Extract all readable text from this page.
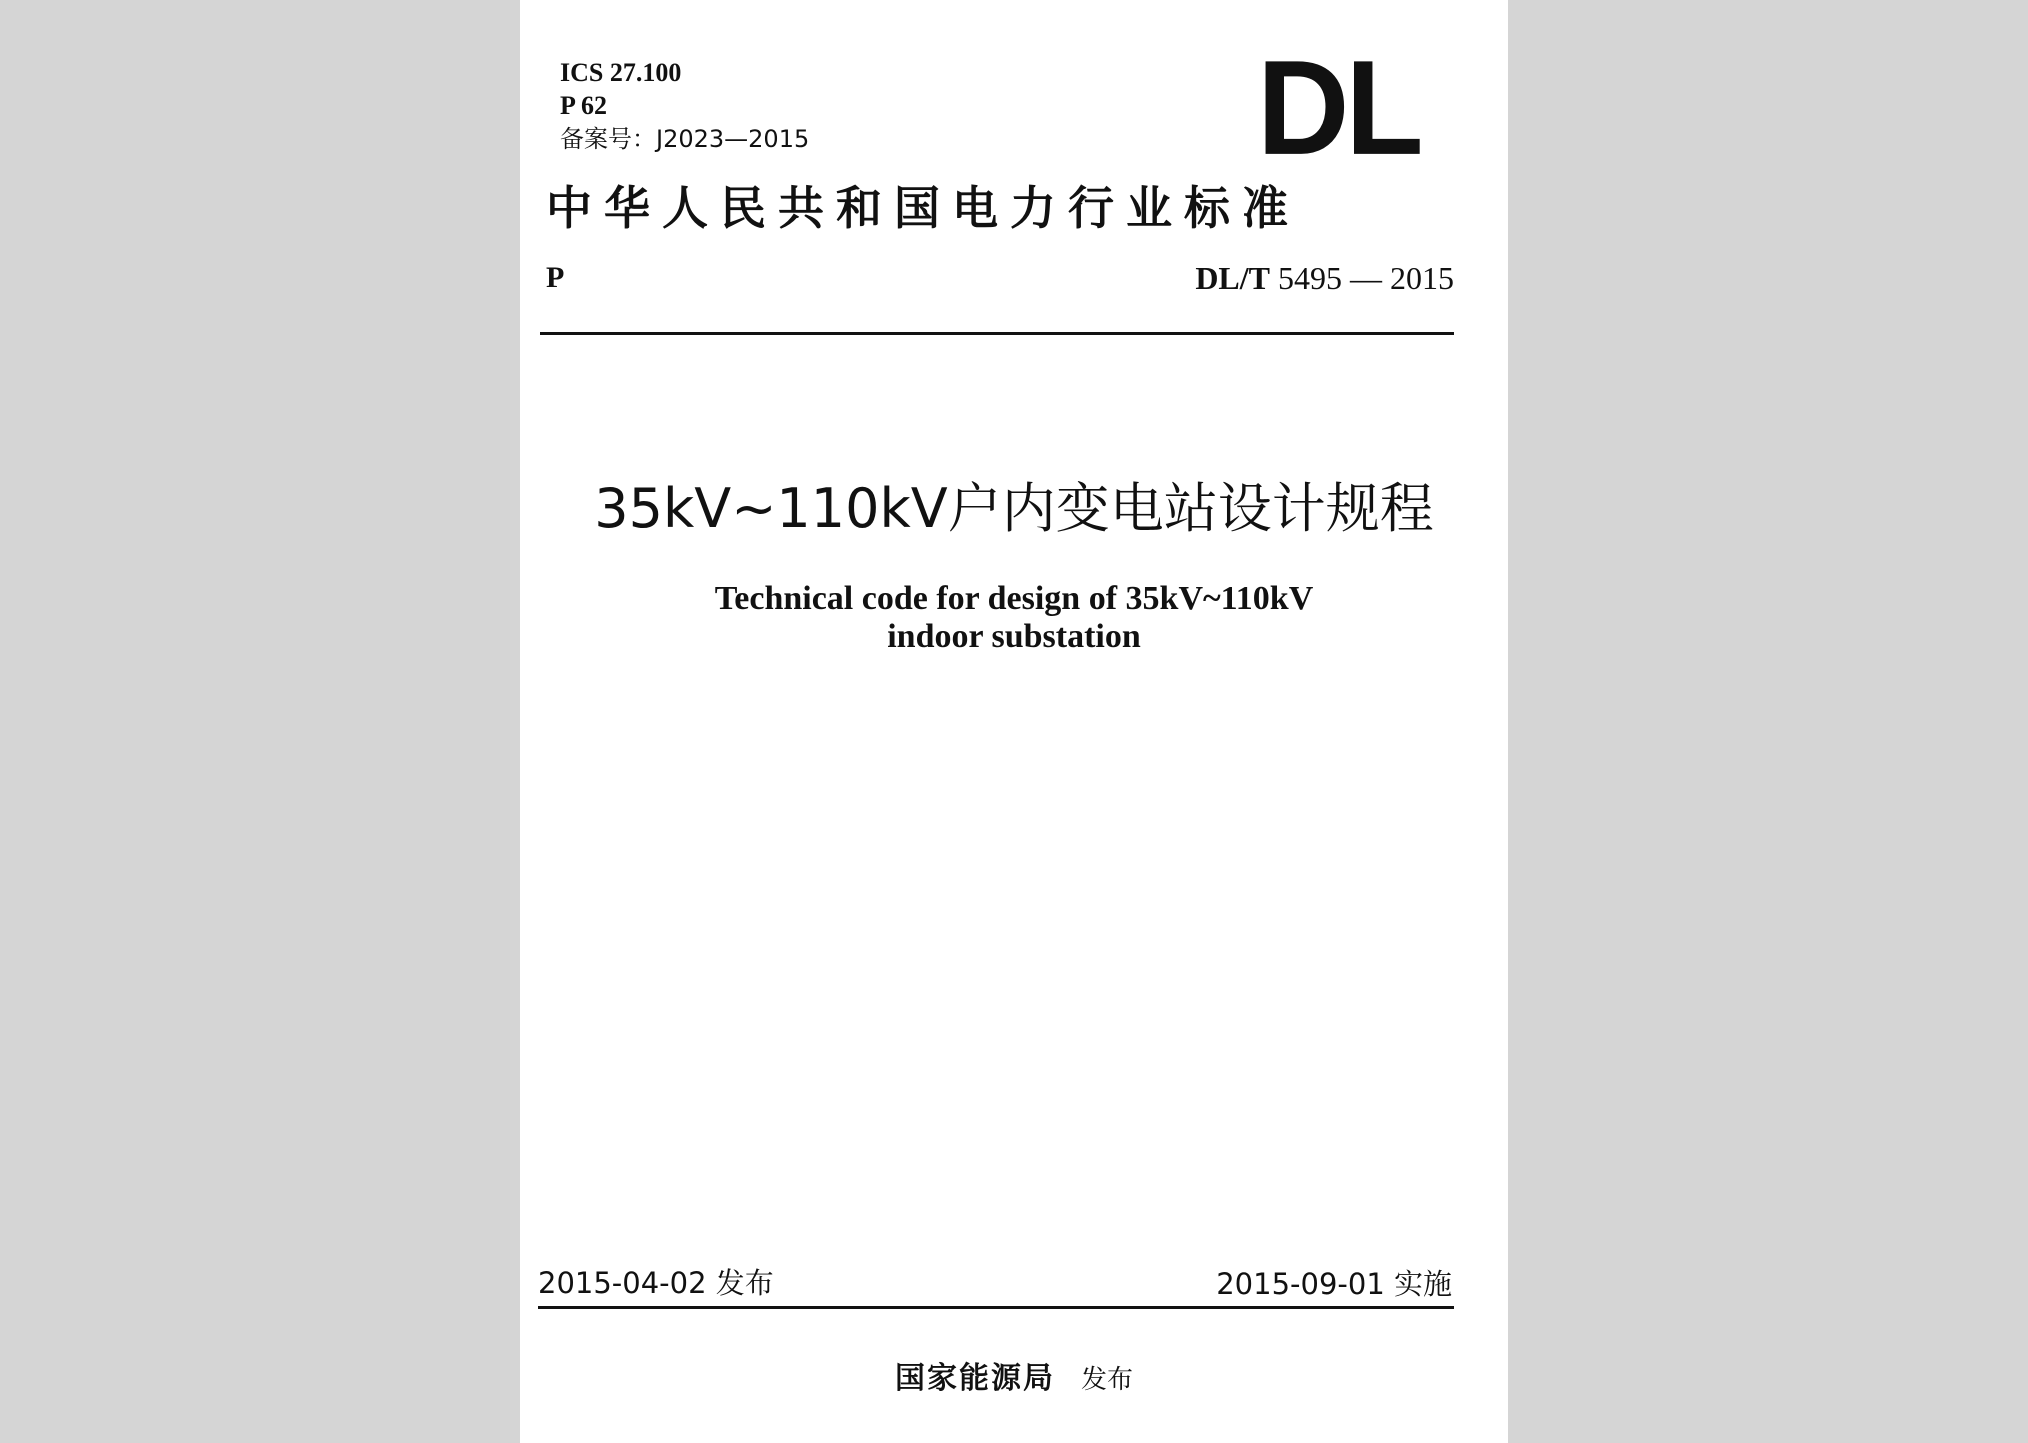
ICS 27.100
P 62
备案号：J2023—2015	DL
中华人民共和国电力行业标准
P	DL/T 5495 — 2015
35kV~110kV户内变电站设计规程
Technical code for design of 35kV~110kV
indoor substation
2015-04-02 发布	2015-09-01 实施
国家能源局 发布
